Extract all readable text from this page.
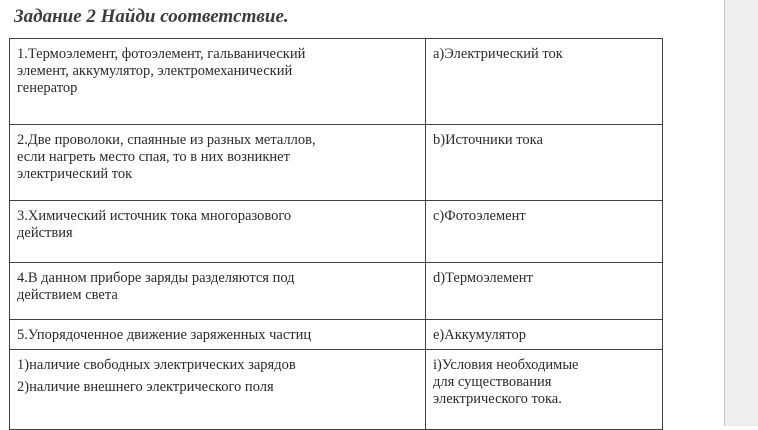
Задание 2 Найди соответствие.
1.Термоэлемент, фотоэлемент, гальванический
элемент, аккумулятор, электромеханический
генератор	a)Электрический ток

2.Две проволоки, спаянные из разных металлов,
если нагреть место спая, то в них возникнет
электрический ток	b)Источники тока

3.Химический источник тока многоразового
действия	c)Фотоэлемент

4.В данном приборе заряды разделяются под
действием света	d)Термоэлемент

5.Упорядоченное движение заряженных частиц	e)Аккумулятор

1)наличие свободных электрических зарядов
2)наличие внешнего электрического поля	i)Условия необходимые
для существования
электрического тока.
